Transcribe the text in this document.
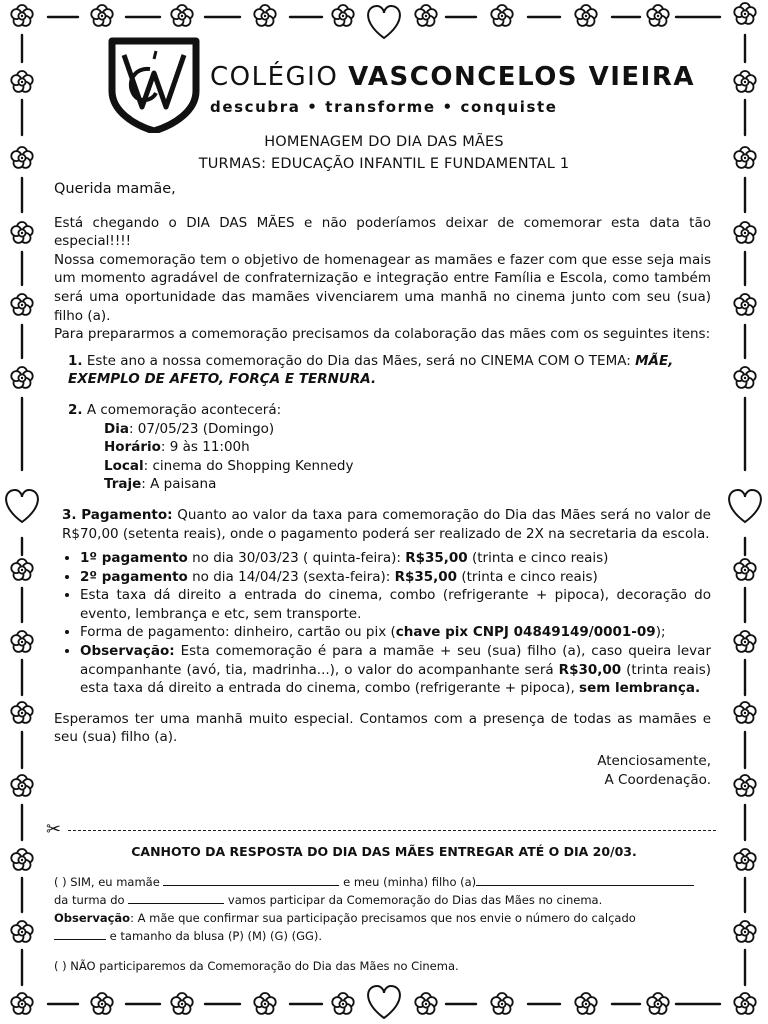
COLÉGIO VASCONCELOS VIEIRA
descubra • transforme • conquiste
HOMENAGEM DO DIA DAS MÃES
TURMAS: EDUCAÇÃO INFANTIL E FUNDAMENTAL 1
Querida mamãe,

Está chegando o DIA DAS MÃES e não poderíamos deixar de comemorar esta data tão especial!!!!

Nossa comemoração tem o objetivo de homenagear as mamães e fazer com que esse seja mais um momento agradável de confraternização e integração entre Família e Escola, como também será uma oportunidade das mamães vivenciarem uma manhã no cinema junto com seu (sua) filho (a).

Para prepararmos a comemoração precisamos da colaboração das mães com os seguintes itens:

1. Este ano a nossa comemoração do Dia das Mães, será no CINEMA COM O TEMA: MÃE, EXEMPLO DE AFETO, FORÇA E TERNURA.

2. A comemoração acontecerá:

Dia: 07/05/23 (Domingo)

Horário: 9 às 11:00h

Local: cinema do Shopping Kennedy

Traje: A paisana

3. Pagamento: Quanto ao valor da taxa para comemoração do Dia das Mães será no valor de R$70,00 (setenta reais), onde o pagamento poderá ser realizado de 2X na secretaria da escola.

• 1º pagamento no dia 30/03/23 ( quinta-feira): R$35,00 (trinta e cinco reais)
• 2º pagamento no dia 14/04/23 (sexta-feira): R$35,00 (trinta e cinco reais)
• Esta taxa dá direito a entrada do cinema, combo (refrigerante + pipoca), decoração do evento, lembrança e etc, sem transporte.
• Forma de pagamento: dinheiro, cartão ou pix (chave pix CNPJ 04849149/0001-09);
• Observação: Esta comemoração é para a mamãe + seu (sua) filho (a), caso queira levar acompanhante (avó, tia, madrinha...), o valor do acompanhante será R$30,00 (trinta reais) esta taxa dá direito a entrada do cinema, combo (refrigerante + pipoca), sem lembrança.

Esperamos ter uma manhã muito especial. Contamos com a presença de todas as mamães e seu (sua) filho (a).

Atenciosamente,

A Coordenação.

CANHOTO DA RESPOSTA DO DIA DAS MÃES ENTREGAR ATÉ O DIA 20/03.

( ) SIM, eu mamãe	e meu (minha) filho (a)

da turma do	vamos participar da Comemoração do Dias das Mães no cinema.

Observação: A mãe que confirmar sua participação precisamos que nos envie o número do calçado

e tamanho da blusa (P) (M) (G) (GG).

( ) NÃO participaremos da Comemoração do Dia das Mães no Cinema.

✂
